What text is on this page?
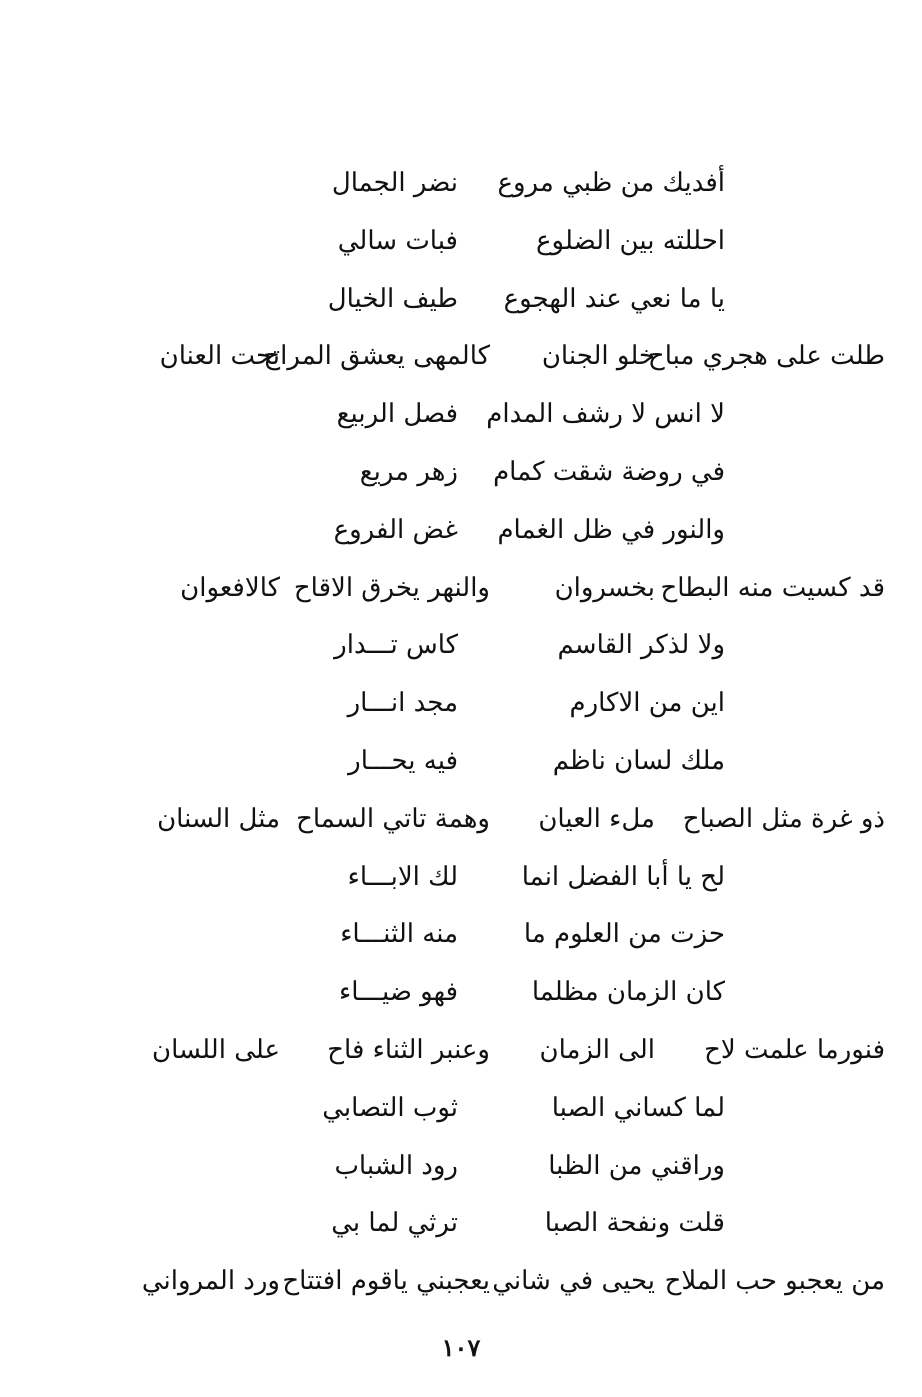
أفديك من ظبي مروع
نضر الجمال
احللته بين الضلوع
فبات سالي
يا ما نعي عند الهجوع
طيف الخيال
طلت على هجري مباح
خلو الجنان
كالمهى يعشق المراح
تحت العنان
لا انس لا رشف المدام
فصل الربيع
في روضة شقت كمام
زهر مريع
والنور في ظل الغمام
غض الفروع
قد كسيت منه البطاح
بخسروان
والنهر يخرق الاقاح
كالافعوان
ولا لذكر القاسم
كاس تـــدار
اين من الاكارم
مجد انـــار
ملك لسان ناظم
فيه يحـــار
ذو غرة مثل الصباح
ملء العيان
وهمة تاتي السماح
مثل السنان
لح يا أبا الفضل انما
لك الابـــاء
حزت من العلوم ما
منه الثنـــاء
كان الزمان مظلما
فهو ضيـــاء
فنورما علمت لاح
الى الزمان
وعنبر الثناء فاح
على اللسان
لما كساني الصبا
ثوب التصابي
وراقني من الظبا
رود الشباب
قلت ونفحة الصبا
ترثي لما بي
من يعجبو حب الملاح
يحيى في شاني
يعجبني ياقوم افتتاح
ورد المرواني
١٠٧
